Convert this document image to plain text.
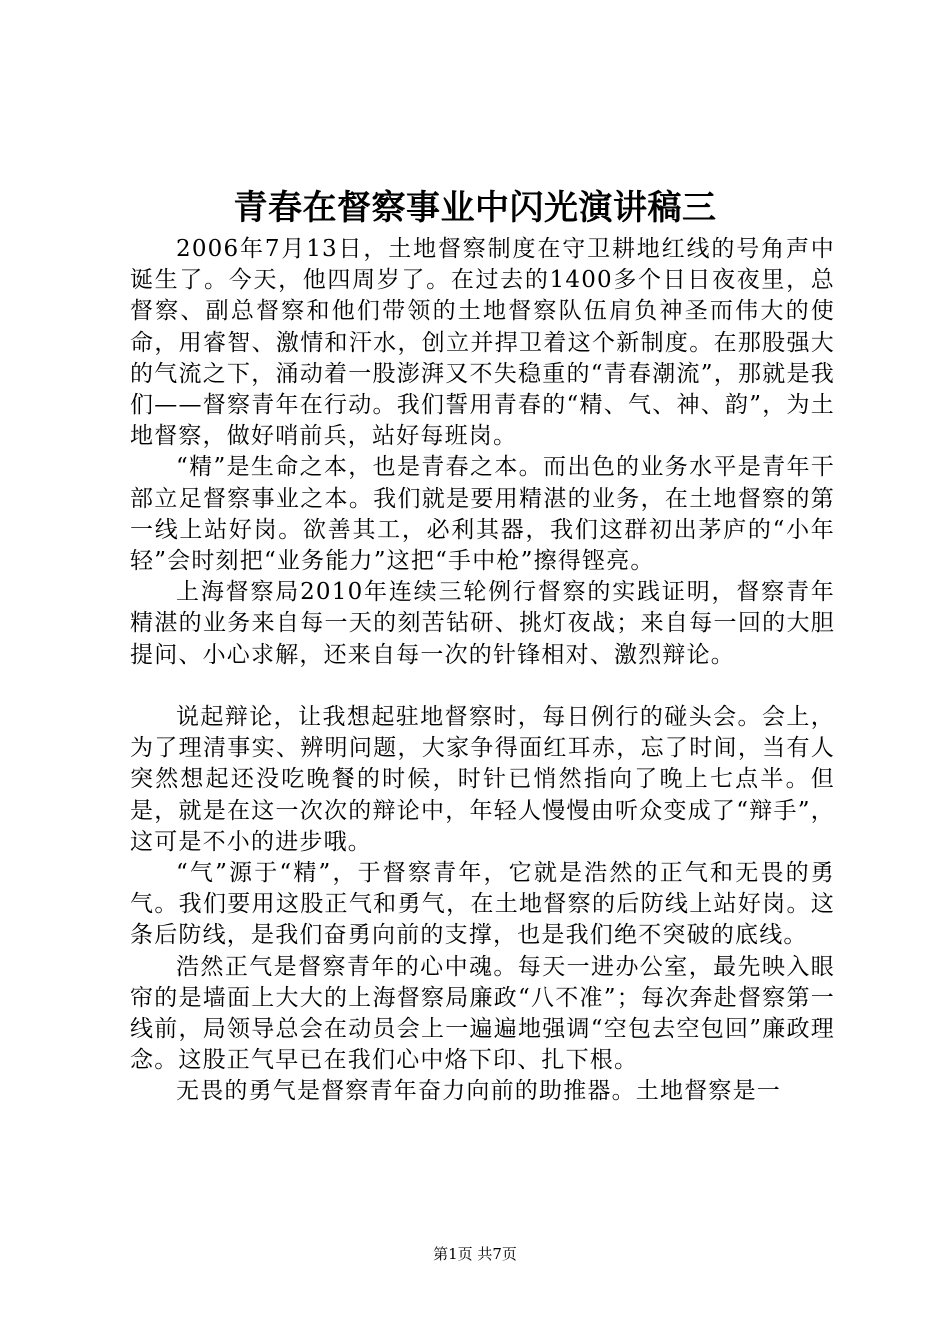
青春在督察事业中闪光演讲稿三

2006年7月13日，土地督察制度在守卫耕地红线的号角声中诞生了。今天，他四周岁了。在过去的1400多个日日夜夜里，总督察、副总督察和他们带领的土地督察队伍肩负神圣而伟大的使命，用睿智、激情和汗水，创立并捍卫着这个新制度。在那股强大的气流之下，涌动着一股澎湃又不失稳重的“青春潮流”，那就是我们——督察青年在行动。我们誓用青春的“精、气、神、韵”，为土地督察，做好哨前兵，站好每班岗。

“精”是生命之本，也是青春之本。而出色的业务水平是青年干部立足督察事业之本。我们就是要用精湛的业务，在土地督察的第一线上站好岗。欲善其工，必利其器，我们这群初出茅庐的“小年轻”会时刻把“业务能力”这把“手中枪”擦得铿亮。

上海督察局2010年连续三轮例行督察的实践证明，督察青年精湛的业务来自每一天的刻苦钻研、挑灯夜战；来自每一回的大胆提问、小心求解，还来自每一次的针锋相对、激烈辩论。

说起辩论，让我想起驻地督察时，每日例行的碰头会。会上，为了理清事实、辨明问题，大家争得面红耳赤，忘了时间，当有人突然想起还没吃晚餐的时候，时针已悄然指向了晚上七点半。但是，就是在这一次次的辩论中，年轻人慢慢由听众变成了“辩手”，这可是不小的进步哦。

“气”源于“精”，于督察青年，它就是浩然的正气和无畏的勇气。我们要用这股正气和勇气，在土地督察的后防线上站好岗。这条后防线，是我们奋勇向前的支撑，也是我们绝不突破的底线。

浩然正气是督察青年的心中魂。每天一进办公室，最先映入眼帘的是墙面上大大的上海督察局廉政“八不准”；每次奔赴督察第一线前，局领导总会在动员会上一遍遍地强调“空包去空包回”廉政理念。这股正气早已在我们心中烙下印、扎下根。

无畏的勇气是督察青年奋力向前的助推器。土地督察是一

第1页 共7页
